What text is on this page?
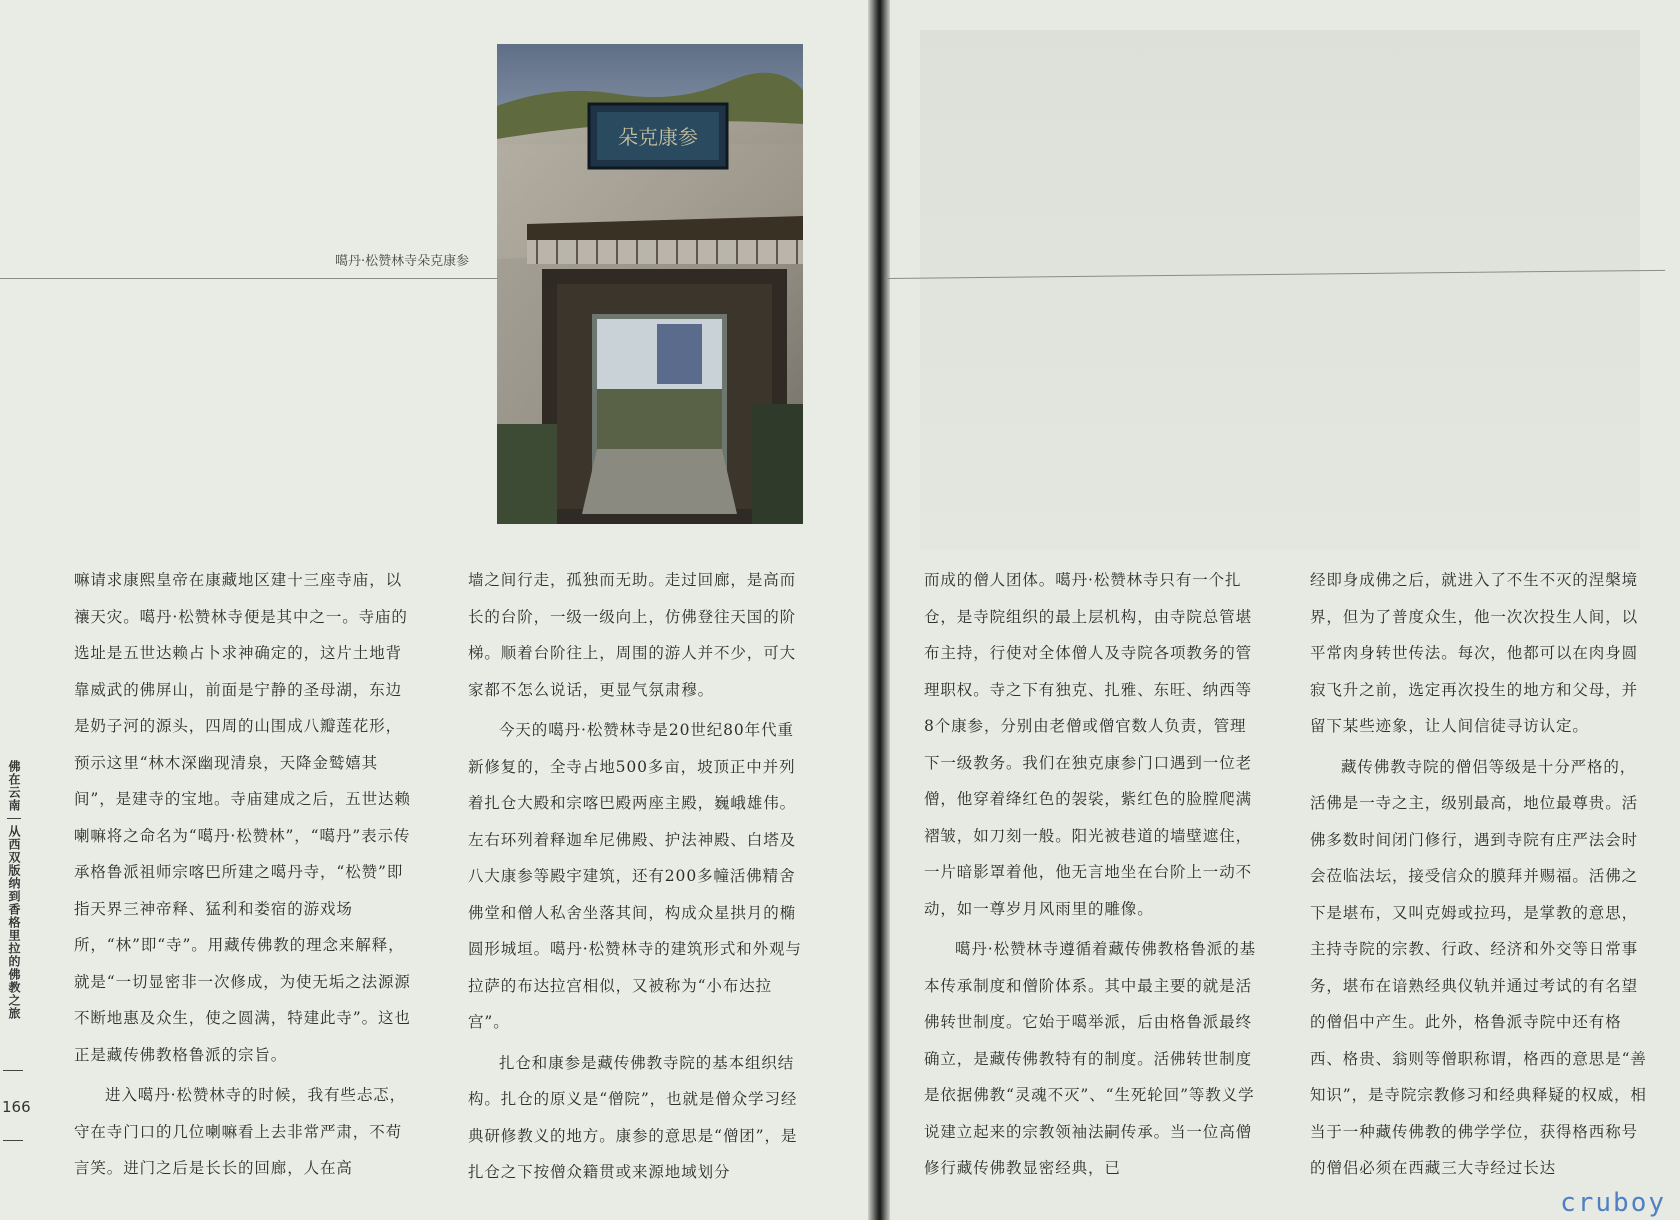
噶丹·松赞林寺朵克康参
朵克康参

嘛请求康熙皇帝在康藏地区建十三座寺庙，以禳天灾。噶丹·松赞林寺便是其中之一。寺庙的选址是五世达赖占卜求神确定的，这片土地背靠威武的佛屏山，前面是宁静的圣母湖，东边是奶子河的源头，四周的山围成八瓣莲花形，预示这里“林木深幽现清泉，天降金鹫嬉其间”，是建寺的宝地。寺庙建成之后，五世达赖喇嘛将之命名为“噶丹·松赞林”，“噶丹”表示传承格鲁派祖师宗喀巴所建之噶丹寺，“松赞”即指天界三神帝释、猛利和娄宿的游戏场所，“林”即“寺”。用藏传佛教的理念来解释，就是“一切显密非一次修成，为使无垢之法源源不断地惠及众生，使之圆满，特建此寺”。这也正是藏传佛教格鲁派的宗旨。

进入噶丹·松赞林寺的时候，我有些忐忑，守在寺门口的几位喇嘛看上去非常严肃，不苟言笑。进门之后是长长的回廊，人在高

墙之间行走，孤独而无助。走过回廊，是高而长的台阶，一级一级向上，仿佛登往天国的阶梯。顺着台阶往上，周围的游人并不少，可大家都不怎么说话，更显气氛肃穆。

今天的噶丹·松赞林寺是20世纪80年代重新修复的，全寺占地500多亩，坡顶正中并列着扎仓大殿和宗喀巴殿两座主殿，巍峨雄伟。左右环列着释迦牟尼佛殿、护法神殿、白塔及八大康参等殿宇建筑，还有200多幢活佛精舍佛堂和僧人私舍坐落其间，构成众星拱月的椭圆形城垣。噶丹·松赞林寺的建筑形式和外观与拉萨的布达拉宫相似，又被称为“小布达拉宫”。

扎仓和康参是藏传佛教寺院的基本组织结构。扎仓的原义是“僧院”，也就是僧众学习经典研修教义的地方。康参的意思是“僧团”，是扎仓之下按僧众籍贯或来源地域划分

而成的僧人团体。噶丹·松赞林寺只有一个扎仓，是寺院组织的最上层机构，由寺院总管堪布主持，行使对全体僧人及寺院各项教务的管理职权。寺之下有独克、扎雅、东旺、纳西等8个康参，分别由老僧或僧官数人负责，管理下一级教务。我们在独克康参门口遇到一位老僧，他穿着绛红色的袈裟，紫红色的脸膛爬满褶皱，如刀刻一般。阳光被巷道的墙壁遮住，一片暗影罩着他，他无言地坐在台阶上一动不动，如一尊岁月风雨里的雕像。

噶丹·松赞林寺遵循着藏传佛教格鲁派的基本传承制度和僧阶体系。其中最主要的就是活佛转世制度。它始于噶举派，后由格鲁派最终确立，是藏传佛教特有的制度。活佛转世制度是依据佛教“灵魂不灭”、“生死轮回”等教义学说建立起来的宗教领袖法嗣传承。当一位高僧修行藏传佛教显密经典，已

经即身成佛之后，就进入了不生不灭的涅槃境界，但为了普度众生，他一次次投生人间，以平常肉身转世传法。每次，他都可以在肉身圆寂飞升之前，选定再次投生的地方和父母，并留下某些迹象，让人间信徒寻访认定。

藏传佛教寺院的僧侣等级是十分严格的，活佛是一寺之主，级别最高，地位最尊贵。活佛多数时间闭门修行，遇到寺院有庄严法会时会莅临法坛，接受信众的膜拜并赐福。活佛之下是堪布，又叫克姆或拉玛，是掌教的意思，主持寺院的宗教、行政、经济和外交等日常事务，堪布在谙熟经典仪轨并通过考试的有名望的僧侣中产生。此外，格鲁派寺院中还有格西、格贵、翁则等僧职称谓，格西的意思是“善知识”，是寺院宗教修习和经典释疑的权威，相当于一种藏传佛教的佛学学位，获得格西称号的僧侣必须在西藏三大寺经过长达

佛在云南
从西双版纳到香格里拉的佛教之旅
166
cruboy
